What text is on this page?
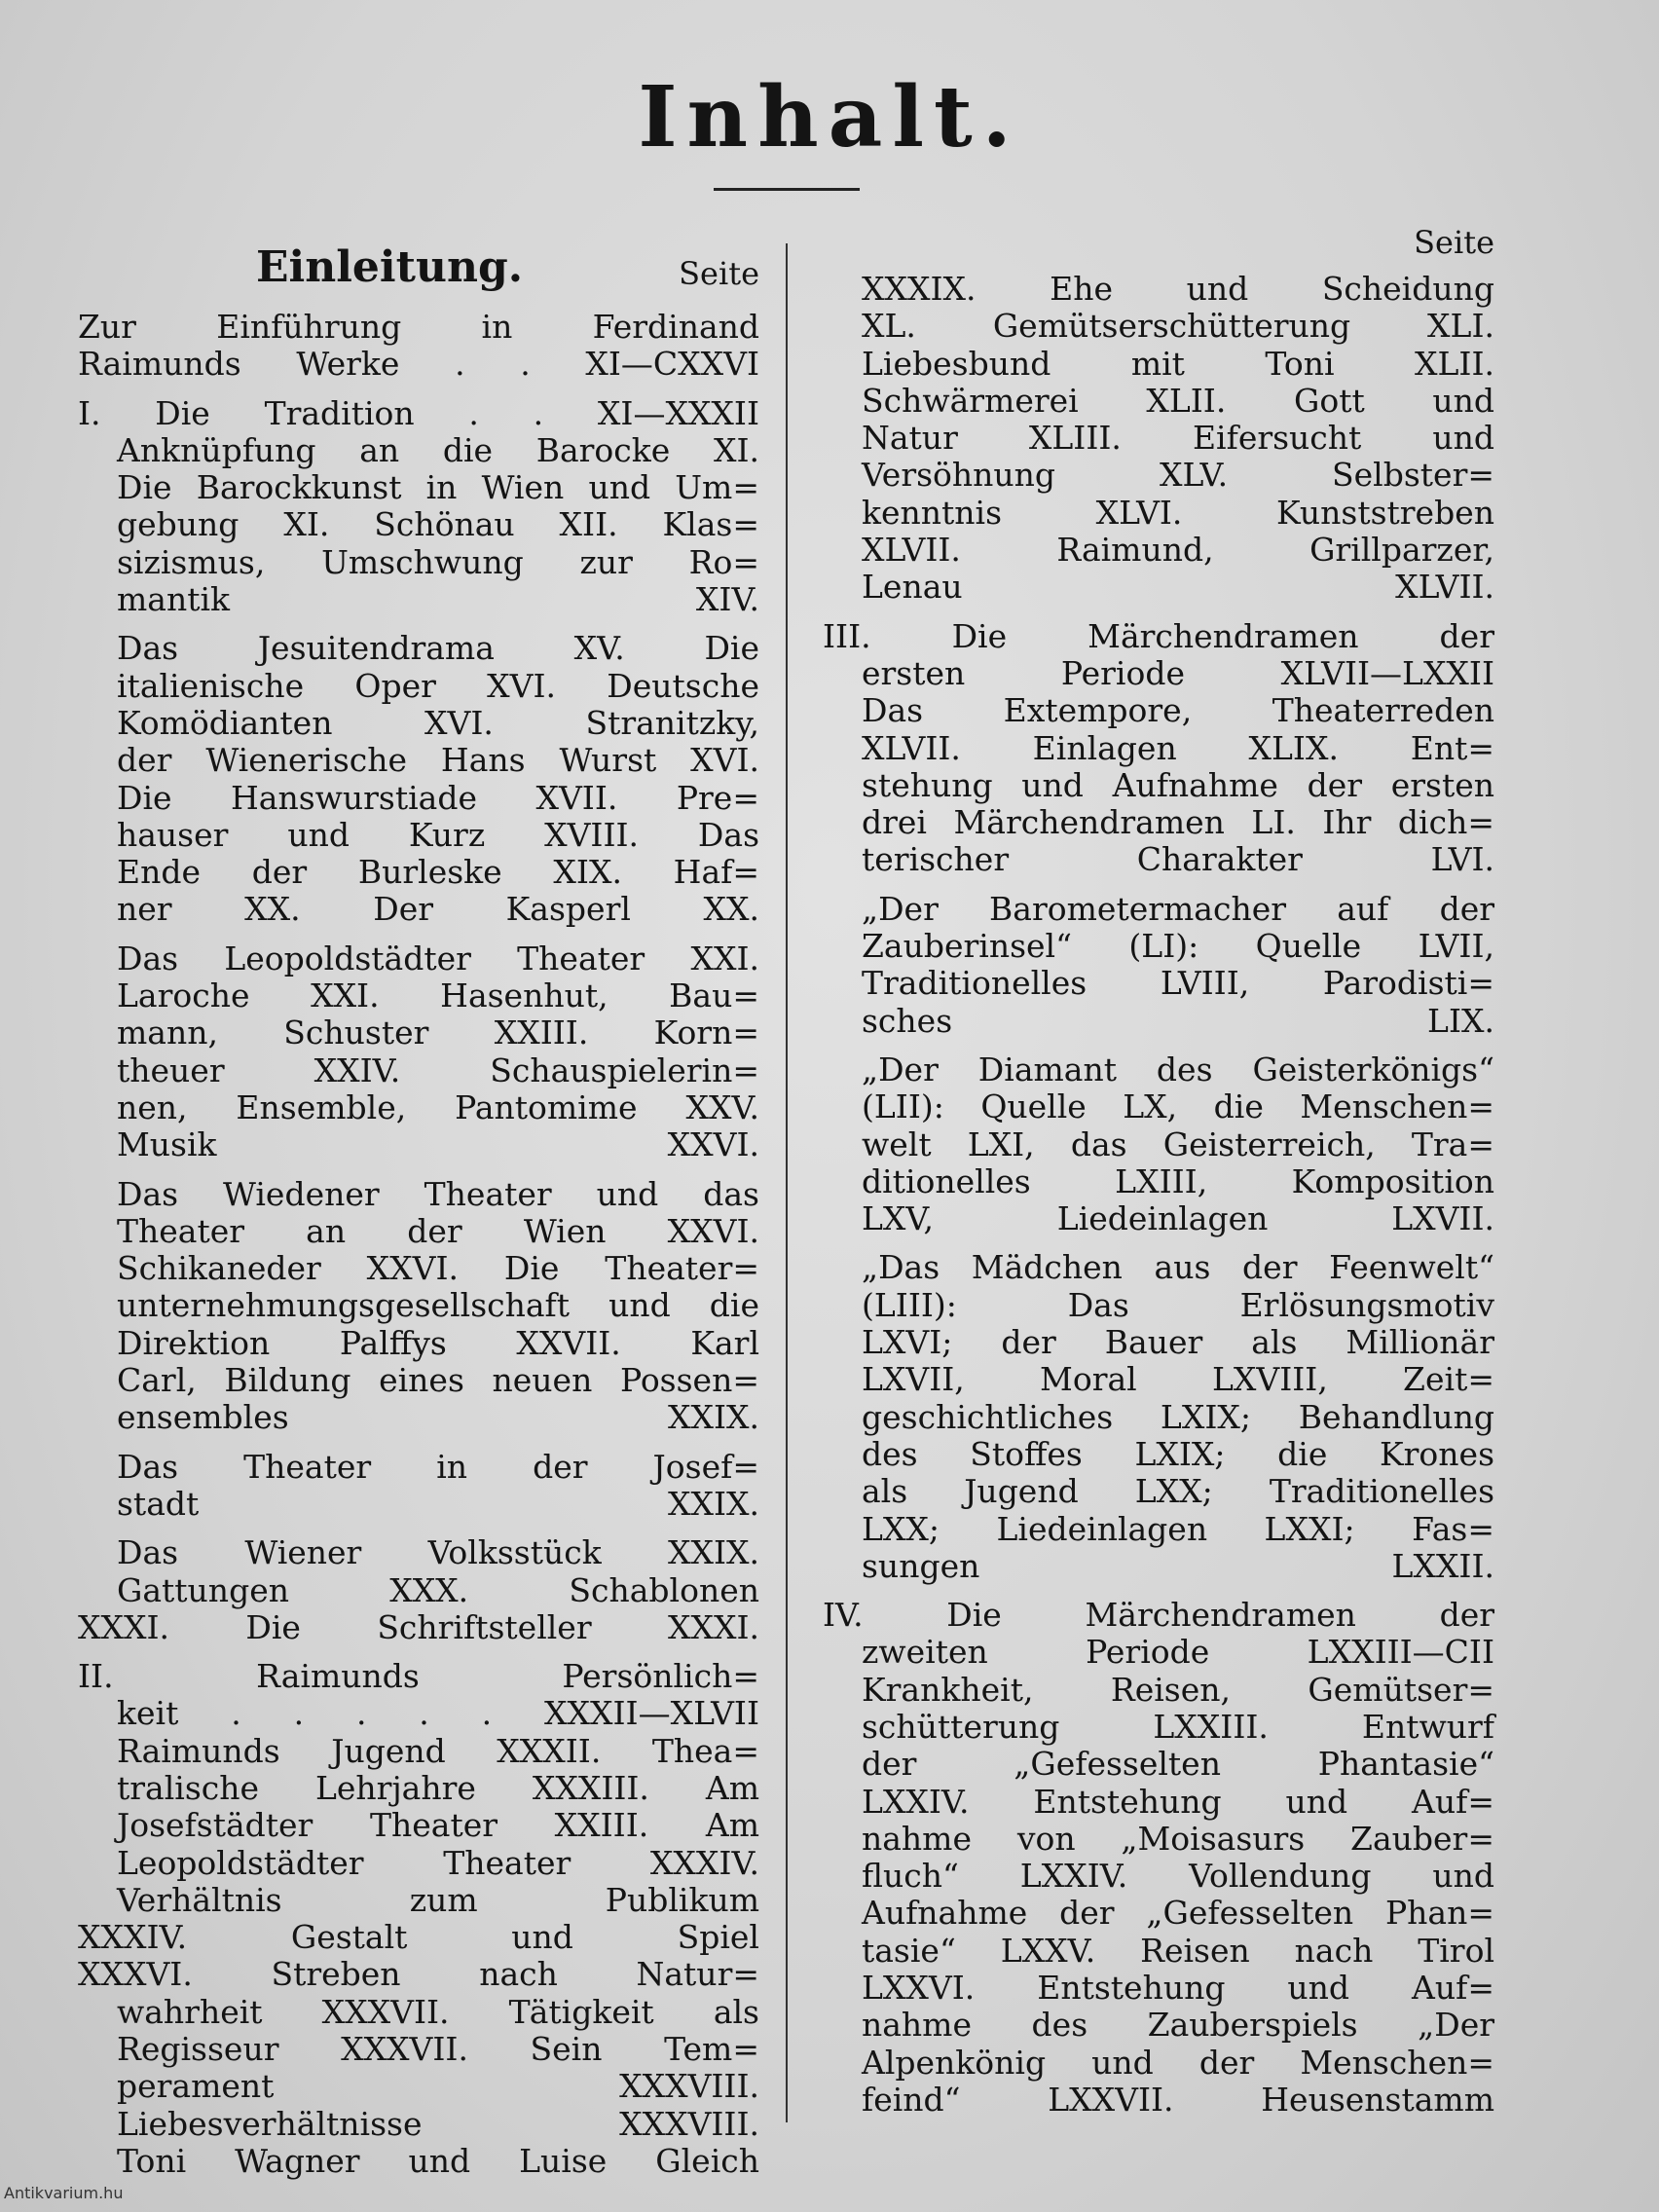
Inhalt.
Einleitung.	Seite
Zur Einführung in Ferdinand
Raimunds Werke . . XI—CXXVI
I. Die Tradition . . XI—XXXII
Anknüpfung an die Barocke XI.
Die Barockkunst in Wien und Um=
gebung XI. Schönau XII. Klas=
sizismus, Umschwung zur Ro=
mantik XIV.
Das Jesuitendrama XV. Die
italienische Oper XVI. Deutsche
Komödianten XVI. Stranitzky,
der Wienerische Hans Wurst XVI.
Die Hanswurstiade XVII. Pre=
hauser und Kurz XVIII. Das
Ende der Burleske XIX. Haf=
ner XX. Der Kasperl XX.
Das Leopoldstädter Theater XXI.
Laroche XXI. Hasenhut, Bau=
mann, Schuster XXIII. Korn=
theuer XXIV. Schauspielerin=
nen, Ensemble, Pantomime XXV.
Musik XXVI.
Das Wiedener Theater und das
Theater an der Wien XXVI.
Schikaneder XXVI. Die Theater=
unternehmungsgesellschaft und die
Direktion Palffys XXVII. Karl
Carl, Bildung eines neuen Possen=
ensembles XXIX.
Das Theater in der Josef=
stadt XXIX.
Das Wiener Volksstück XXIX.
Gattungen XXX. Schablonen
XXXI. Die Schriftsteller XXXI.
II. Raimunds Persönlich=
keit . . . . . XXXII—XLVII
Raimunds Jugend XXXII. Thea=
tralische Lehrjahre XXXIII. Am
Josefstädter Theater XXIII. Am
Leopoldstädter Theater XXXIV.
Verhältnis zum Publikum
XXXIV. Gestalt und Spiel
XXXVI. Streben nach Natur=
wahrheit XXXVII. Tätigkeit als
Regisseur XXXVII. Sein Tem=
perament XXXVIII.
Liebesverhältnisse XXXVIII.
Toni Wagner und Luise Gleich
Seite
XXXIX. Ehe und Scheidung
XL. Gemütserschütterung XLI.
Liebesbund mit Toni XLII.
Schwärmerei XLII. Gott und
Natur XLIII. Eifersucht und
Versöhnung XLV. Selbster=
kenntnis XLVI. Kunststreben
XLVII. Raimund, Grillparzer,
Lenau XLVII.
III. Die Märchendramen der
ersten Periode XLVII—LXXII
Das Extempore, Theaterreden
XLVII. Einlagen XLIX. Ent=
stehung und Aufnahme der ersten
drei Märchendramen LI. Ihr dich=
terischer Charakter LVI.
„Der Barometermacher auf der
Zauberinsel“ (LI): Quelle LVII,
Traditionelles LVIII, Parodisti=
sches LIX.
„Der Diamant des Geisterkönigs“
(LII): Quelle LX, die Menschen=
welt LXI, das Geisterreich, Tra=
ditionelles LXIII, Komposition
LXV, Liedeinlagen LXVII.
„Das Mädchen aus der Feenwelt“
(LIII): Das Erlösungsmotiv
LXVI; der Bauer als Millionär
LXVII, Moral LXVIII, Zeit=
geschichtliches LXIX; Behandlung
des Stoffes LXIX; die Krones
als Jugend LXX; Traditionelles
LXX; Liedeinlagen LXXI; Fas=
sungen LXXII.
IV. Die Märchendramen der
zweiten Periode LXXIII—CII
Krankheit, Reisen, Gemütser=
schütterung LXXIII. Entwurf
der „Gefesselten Phantasie“
LXXIV. Entstehung und Auf=
nahme von „Moisasurs Zauber=
fluch“ LXXIV. Vollendung und
Aufnahme der „Gefesselten Phan=
tasie“ LXXV. Reisen nach Tirol
LXXVI. Entstehung und Auf=
nahme des Zauberspiels „Der
Alpenkönig und der Menschen=
feind“ LXXVII. Heusenstamm
Antikvarium.hu
